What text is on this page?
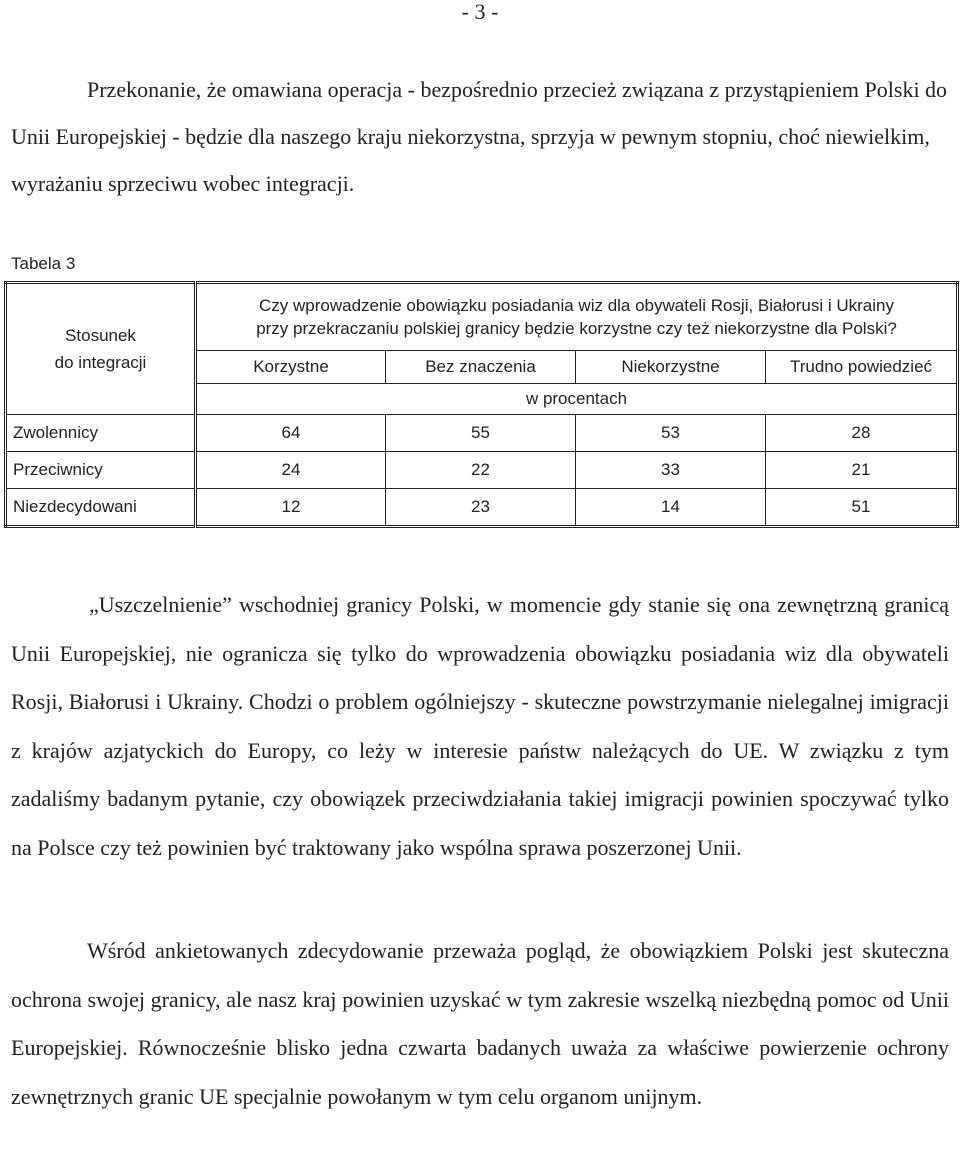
- 3 -

Przekonanie, że omawiana operacja - bezpośrednio przecież związana z przystąpieniem Polski do Unii Europejskiej - będzie dla naszego kraju niekorzystna, sprzyja w pewnym stopniu, choć niewielkim, wyrażaniu sprzeciwu wobec integracji.

Tabela 3
Stosunek
do integracji	Czy wprowadzenie obowiązku posiadania wiz dla obywateli Rosji, Białorusi i Ukrainy
przy przekraczaniu polskiej granicy będzie korzystne czy też niekorzystne dla Polski?			
	Korzystne	Bez znaczenia	Niekorzystne	Trudno powiedzieć
	w procentach			
Zwolennicy	64	55	53	28
Przeciwnicy	24	22	33	21
Niezdecydowani	12	23	14	51

„Uszczelnienie” wschodniej granicy Polski, w momencie gdy stanie się ona zewnętrzną granicą Unii Europejskiej, nie ogranicza się tylko do wprowadzenia obowiązku posiadania wiz dla obywateli Rosji, Białorusi i Ukrainy. Chodzi o problem ogólniejszy - skuteczne powstrzymanie nielegalnej imigracji z krajów azjatyckich do Europy, co leży w interesie państw należących do UE. W związku z tym zadaliśmy badanym pytanie, czy obowiązek przeciwdziałania takiej imigracji powinien spoczywać tylko na Polsce czy też powinien być traktowany jako wspólna sprawa poszerzonej Unii.

Wśród ankietowanych zdecydowanie przeważa pogląd, że obowiązkiem Polski jest skuteczna ochrona swojej granicy, ale nasz kraj powinien uzyskać w tym zakresie wszelką niezbędną pomoc od Unii Europejskiej. Równocześnie blisko jedna czwarta badanych uważa za właściwe powierzenie ochrony zewnętrznych granic UE specjalnie powołanym w tym celu organom unijnym.
